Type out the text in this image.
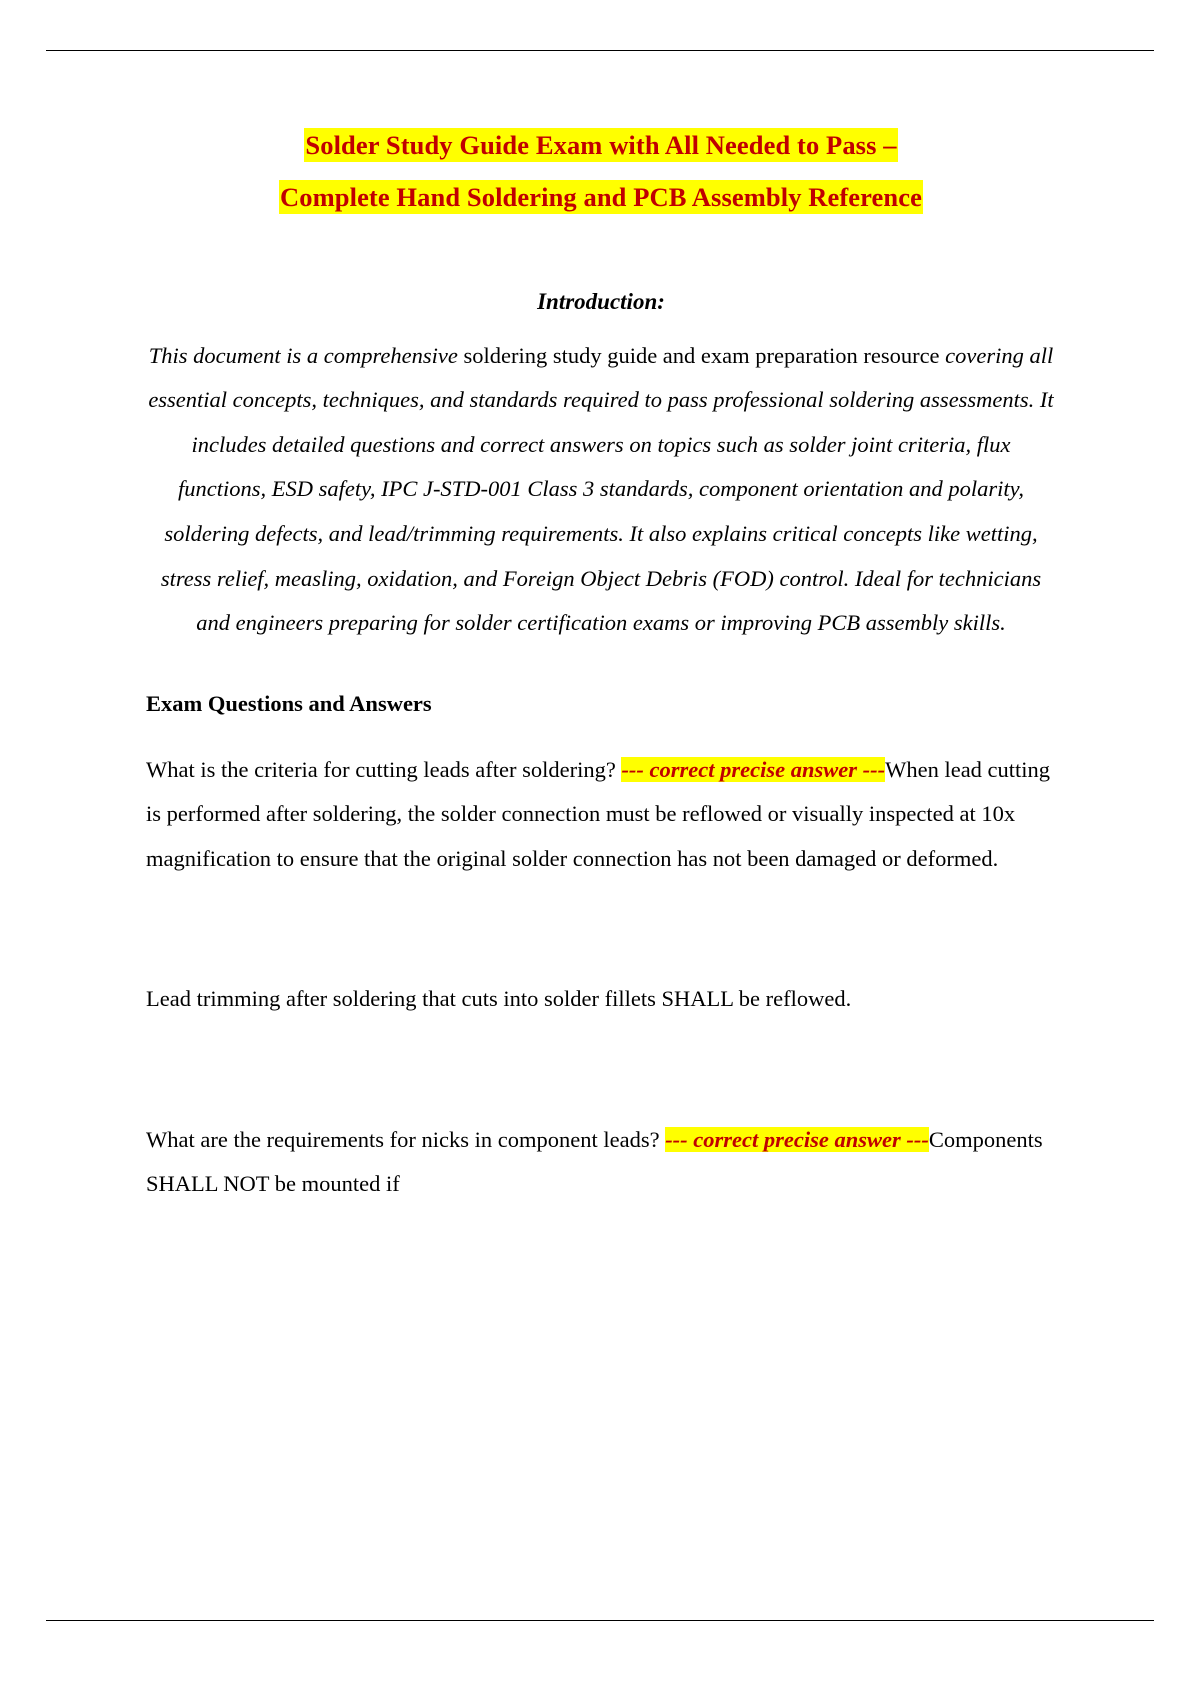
Solder Study Guide Exam with All Needed to Pass –
Complete Hand Soldering and PCB Assembly Reference
Introduction:

This document is a comprehensive soldering study guide and exam preparation resource covering all essential concepts, techniques, and standards required to pass professional soldering assessments. It includes detailed questions and correct answers on topics such as solder joint criteria, flux functions, ESD safety, IPC J-STD-001 Class 3 standards, component orientation and polarity, soldering defects, and lead/trimming requirements. It also explains critical concepts like wetting, stress relief, measling, oxidation, and Foreign Object Debris (FOD) control. Ideal for technicians and engineers preparing for solder certification exams or improving PCB assembly skills.

Exam Questions and Answers

What is the criteria for cutting leads after soldering? --- correct precise answer ---When lead cutting is performed after soldering, the solder connection must be reflowed or visually inspected at 10x magnification to ensure that the original solder connection has not been damaged or deformed.

Lead trimming after soldering that cuts into solder fillets SHALL be reflowed.

What are the requirements for nicks in component leads? --- correct precise answer ---Components SHALL NOT be mounted if
